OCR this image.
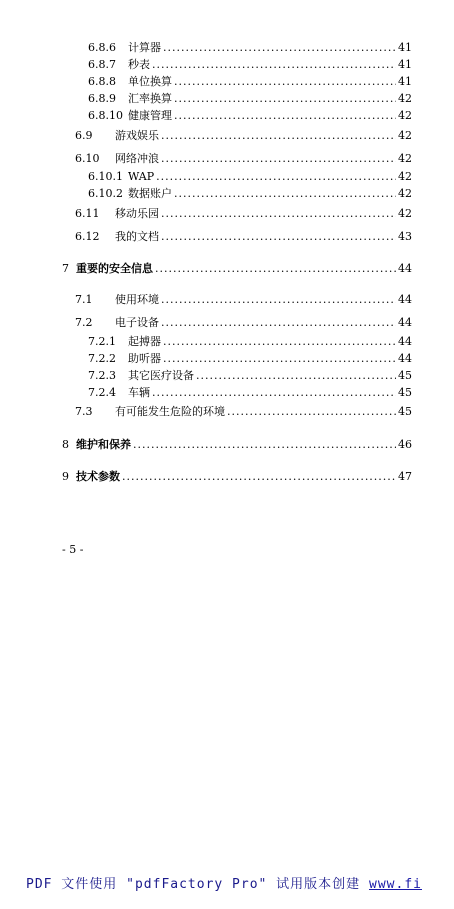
6.8.6	计算器 .....	41
6.8.7	秒表 .....	41
6.8.8	单位换算 .....	41
6.8.9	汇率换算 .....	42
6.8.10 健康管理 .....	42
6.9	游戏娱乐 .....	42
6.10	网络冲浪 .....	42
6.10.1 WAP .....	42
6.10.2 数据账户 .....	42
6.11	移动乐园 .....	42
6.12	我的文档 .....	43
7 重要的安全信息 .....	44
7.1	使用环境 .....	44
7.2	电子设备 .....	44
7.2.1	起搏器 .....	44
7.2.2	助听器 .....	44
7.2.3	其它医疗设备 .....	45
7.2.4	车辆 .....	45
7.3	有可能发生危险的环境 .....	45
8 维护和保养 .....	46
9 技术参数 .....	47
- 5 -
PDF 文件使用 "pdfFactory Pro" 试用版本创建 www.fi
